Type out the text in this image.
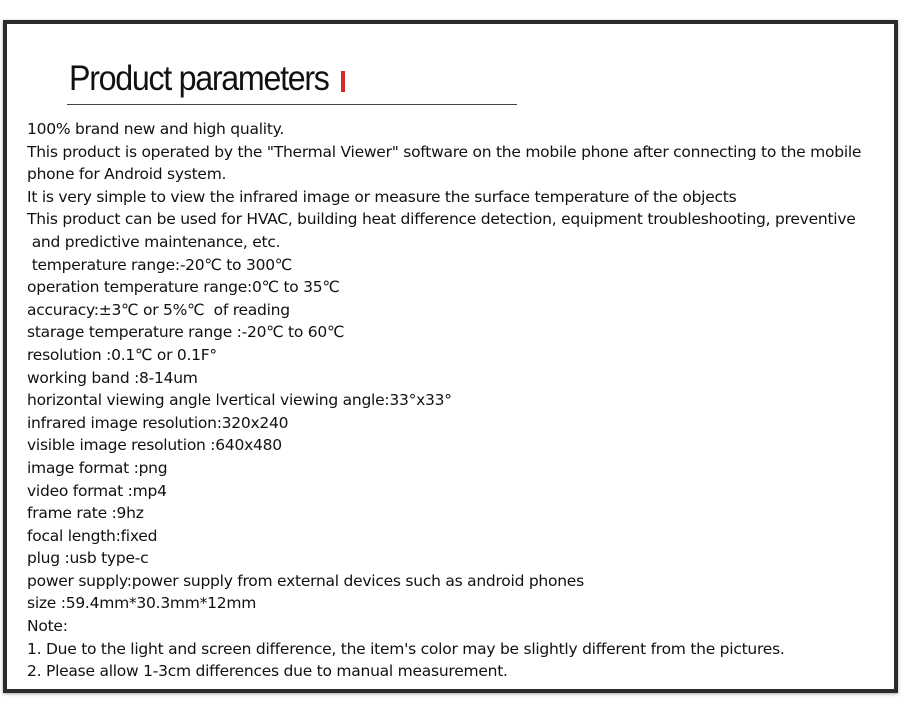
Product parameters
100% brand new and high quality.
This product is operated by the "Thermal Viewer" software on the mobile phone after connecting to the mobile phone for Android system.
It is very simple to view the infrared image or measure the surface temperature of the objects
This product can be used for HVAC, building heat difference detection, equipment troubleshooting, preventive
and predictive maintenance, etc.
temperature range:-20℃ to 300℃
operation temperature range:0℃ to 35℃
accuracy:±3℃ or 5%℃  of reading
starage temperature range :-20℃ to 60℃
resolution :0.1℃ or 0.1F°
working band :8-14um
horizontal viewing angle lvertical viewing angle:33°x33°
infrared image resolution:320x240
visible image resolution :640x480
image format :png
video format :mp4
frame rate :9hz
focal length:fixed
plug :usb type-c
power supply:power supply from external devices such as android phones
size :59.4mm*30.3mm*12mm
Note:
1. Due to the light and screen difference, the item's color may be slightly different from the pictures.
2. Please allow 1-3cm differences due to manual measurement.
